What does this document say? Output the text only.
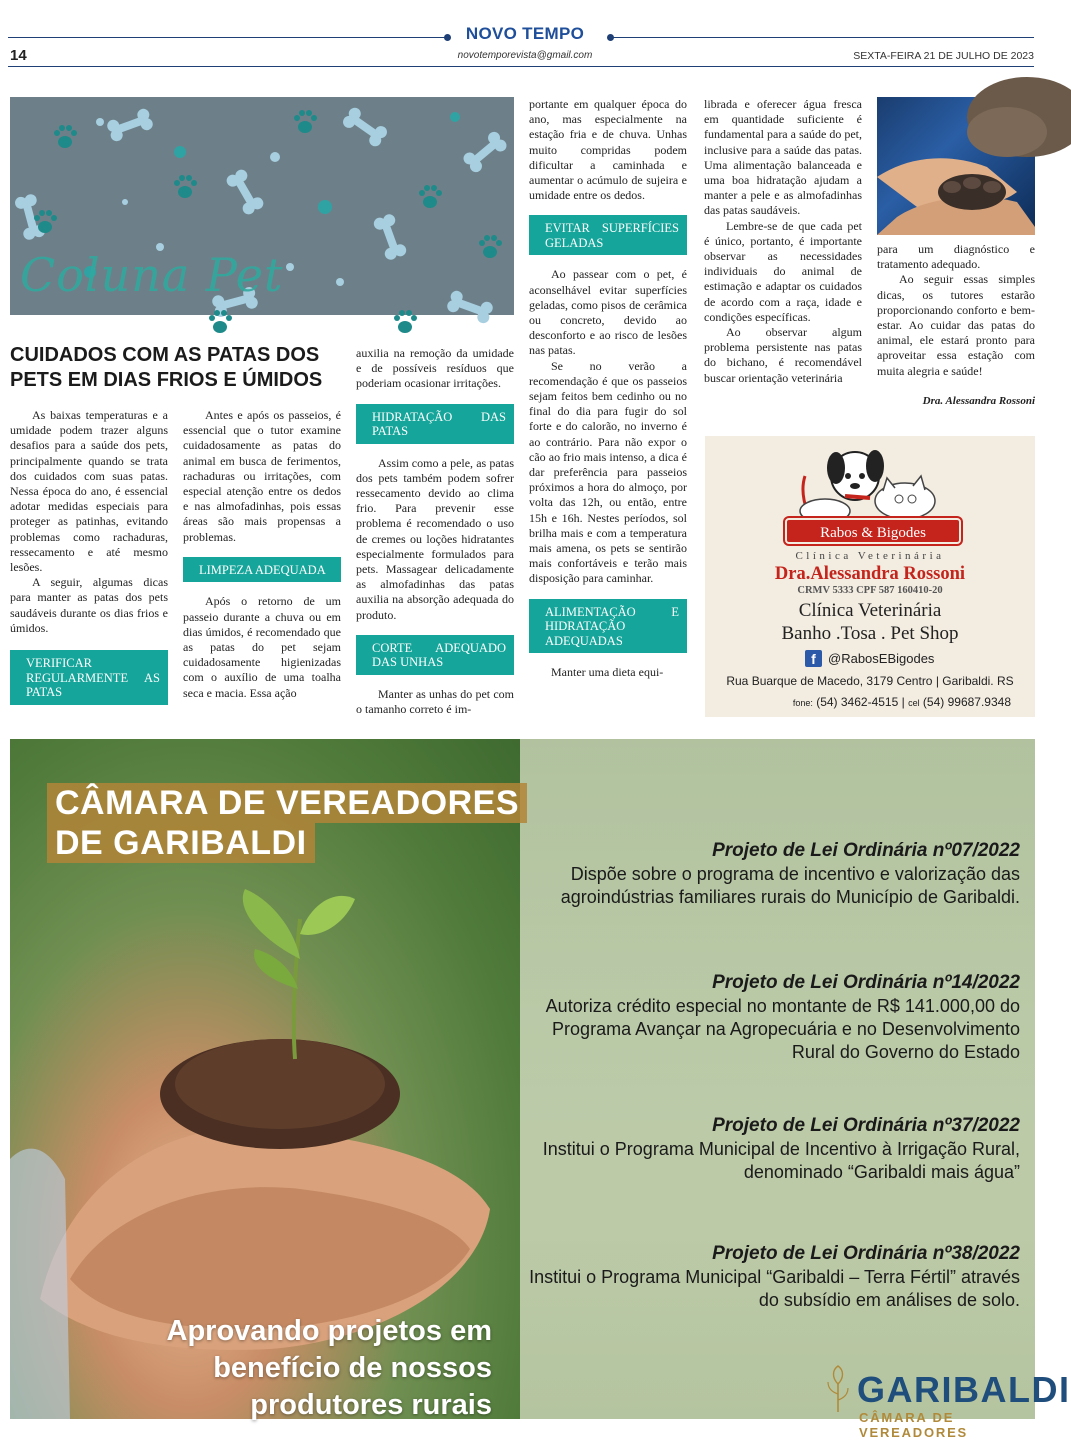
NOVO TEMPO
novotemporevista@gmail.com
14	SEXTA-FEIRA 21 DE JULHO DE 2023
Coluna Pet
CUIDADOS COM AS PATAS DOS PETS EM DIAS FRIOS E ÚMIDOS

As baixas temperaturas e a umidade podem trazer alguns desafios para a saúde dos pets, principalmente quando se trata dos cuidados com suas patas. Nessa época do ano, é essencial adotar medidas especiais para proteger as patinhas, evitando problemas como rachaduras, ressecamento e até mesmo lesões.

A seguir, algumas dicas para manter as patas dos pets saudáveis durante os dias frios e úmidos.

VERIFICAR REGULARMENTE AS PATAS

Antes e após os passeios, é essencial que o tutor examine cuidadosamente as patas do animal em busca de ferimentos, rachaduras ou irritações, com especial atenção entre os dedos e nas almofadinhas, pois essas áreas são mais propensas a problemas.

LIMPEZA ADEQUADA

Após o retorno de um passeio durante a chuva ou em dias úmidos, é recomendado que as patas do pet sejam cuidadosamente higienizadas com o auxílio de uma toalha seca e macia. Essa ação

auxilia na remoção da umidade e de possíveis resíduos que poderiam ocasionar irritações.

HIDRATAÇÃO DAS PATAS

Assim como a pele, as patas dos pets também podem sofrer ressecamento devido ao clima frio. Para prevenir esse problema é recomendado o uso de cremes ou loções hidratantes especialmente formulados para pets. Massagear delicadamente as almofadinhas das patas auxilia na absorção adequada do produto.

CORTE ADEQUADO DAS UNHAS

Manter as unhas do pet com o tamanho correto é im-

portante em qualquer época do ano, mas especialmente na estação fria e de chuva. Unhas muito compridas podem dificultar a caminhada e aumentar o acúmulo de sujeira e umidade entre os dedos.

EVITAR SUPERFÍCIES GELADAS

Ao passear com o pet, é aconselhável evitar superfícies geladas, como pisos de cerâmica ou concreto, devido ao desconforto e ao risco de lesões nas patas.

Se no verão a recomendação é que os passeios sejam feitos bem cedinho ou no final do dia para fugir do sol forte e do calorão, no inverno é ao contrário. Para não expor o cão ao frio mais intenso, a dica é dar preferência para passeios próximos a hora do almoço, por volta das 12h, ou então, entre 15h e 16h. Nestes períodos, sol brilha mais e com a temperatura mais amena, os pets se sentirão mais confortáveis e terão mais disposição para caminhar.

ALIMENTAÇÃO E HIDRATAÇÃO ADEQUADAS

Manter uma dieta equi-

librada e oferecer água fresca em quantidade suficiente é fundamental para a saúde do pet, inclusive para a saúde das patas. Uma alimentação balanceada e uma boa hidratação ajudam a manter a pele e as almofadinhas das patas saudáveis.

Lembre-se de que cada pet é único, portanto, é importante observar as necessidades individuais do animal de estimação e adaptar os cuidados de acordo com a raça, idade e condições específicas.

Ao observar algum problema persistente nas patas do bichano, é recomendável buscar orientação veterinária

para um diagnóstico e tratamento adequado.

Ao seguir essas simples dicas, os tutores estarão proporcionando conforto e bem-estar. Ao cuidar das patas do animal, ele estará pronto para aproveitar essa estação com muita alegria e saúde!

Dra. Alessandra Rossoni
Rabos & Bigodes
Clínica Veterinária
Dra.Alessandra Rossoni
CRMV 5333 CPF 587 160410-20
Clínica Veterinária
Banho .Tosa . Pet Shop
f @RabosEBigodes
Rua Buarque de Macedo, 3179 Centro | Garibaldi. RS
fone: (54) 3462-4515 | cel (54) 99687.9348
CÂMARA DE VEREADORES
DE GARIBALDI	Projeto de Lei Ordinária nº07/2022
Dispõe sobre o programa de incentivo e valorização das agroindústrias familiares rurais do Município de Garibaldi.
Projeto de Lei Ordinária nº14/2022
Autoriza crédito especial no montante de R$ 141.000,00 do Programa Avançar na Agropecuária e no Desenvolvimento Rural do Governo do Estado
Projeto de Lei Ordinária nº37/2022
Institui o Programa Municipal de Incentivo à Irrigação Rural, denominado “Garibaldi mais água”
Projeto de Lei Ordinária nº38/2022
Institui o Programa Municipal “Garibaldi – Terra Fértil” através do subsídio em análises de solo.
Aprovando projetos em benefício de nossos produtores rurais	GARIBALDI
CÂMARA DE VEREADORES
